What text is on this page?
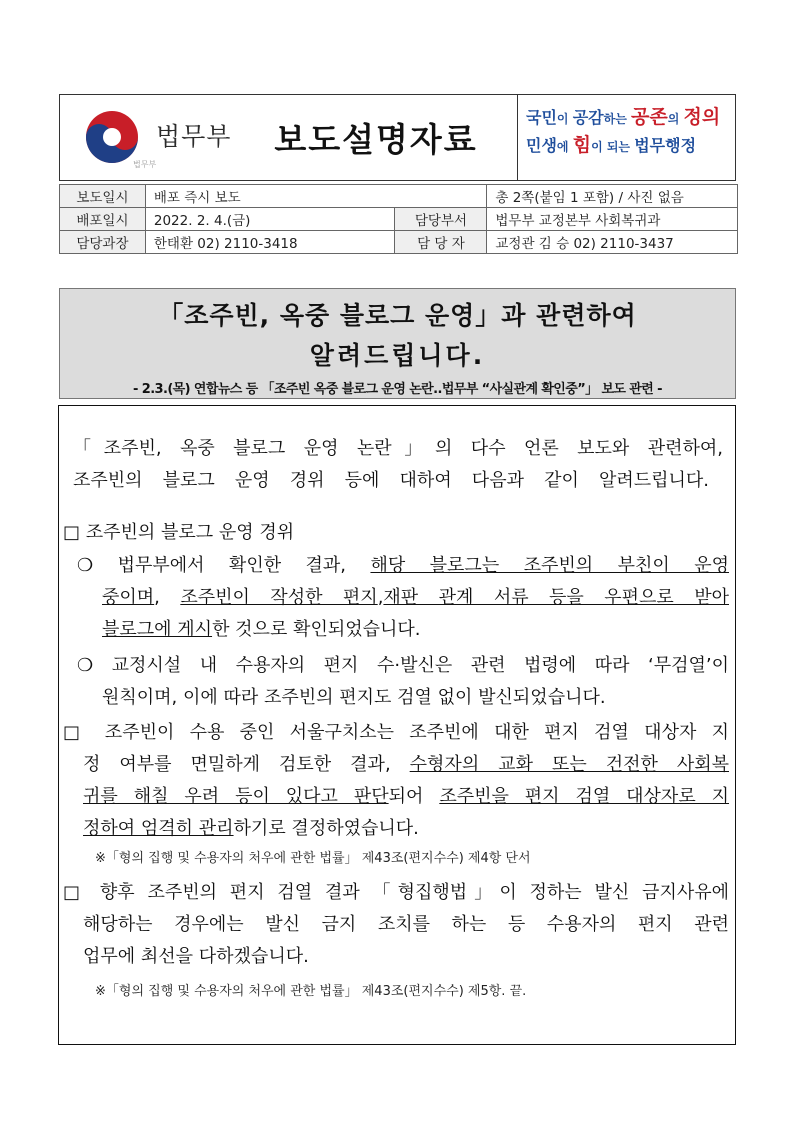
법무부
법무부
보도설명자료
국민이 공감하는 공존의 정의
민생에 힘이 되는 법무행정
보도일시	배포 즉시 보도		총 2쪽(붙임 1 포함) / 사진 없음
배포일시	2022. 2. 4.(금)	담당부서	법무부 교정본부 사회복귀과
담당과장	한태환 02) 2110-3418	담 당 자	교정관 김 승 02) 2110-3437
「조주빈, 옥중 블로그 운영」과 관련하여
알려드립니다.
- 2.3.(목) 연합뉴스 등 「조주빈 옥중 블로그 운영 논란..법무부 “사실관계 확인중”」 보도 관련 -
「조주빈, 옥중 블로그 운영 논란」의 다수 언론 보도와 관련하여,
조주빈의 블로그 운영 경위 등에 대하여 다음과 같이 알려드립니다.
□ 조주빈의 블로그 운영 경위
❍ 법무부에서 확인한 결과, 해당 블로그는 조주빈의 부친이 운영
중이며, 조주빈이 작성한 편지,재판 관계 서류 등을 우편으로 받아
블로그에 게시한 것으로 확인되었습니다.
❍ 교정시설 내 수용자의 편지 수·발신은 관련 법령에 따라 ‘무검열’이
원칙이며, 이에 따라 조주빈의 편지도 검열 없이 발신되었습니다.
□ 조주빈이 수용 중인 서울구치소는 조주빈에 대한 편지 검열 대상자 지
정 여부를 면밀하게 검토한 결과, 수형자의 교화 또는 건전한 사회복
귀를 해칠 우려 등이 있다고 판단되어 조주빈을 편지 검열 대상자로 지
정하여 엄격히 관리하기로 결정하였습니다.
※「형의 집행 및 수용자의 처우에 관한 법률」 제43조(편지수수) 제4항 단서
□ 향후 조주빈의 편지 검열 결과 「형집행법」이 정하는 발신 금지사유에
해당하는 경우에는 발신 금지 조치를 하는 등 수용자의 편지 관련
업무에 최선을 다하겠습니다.
※「형의 집행 및 수용자의 처우에 관한 법률」 제43조(편지수수) 제5항. 끝.
